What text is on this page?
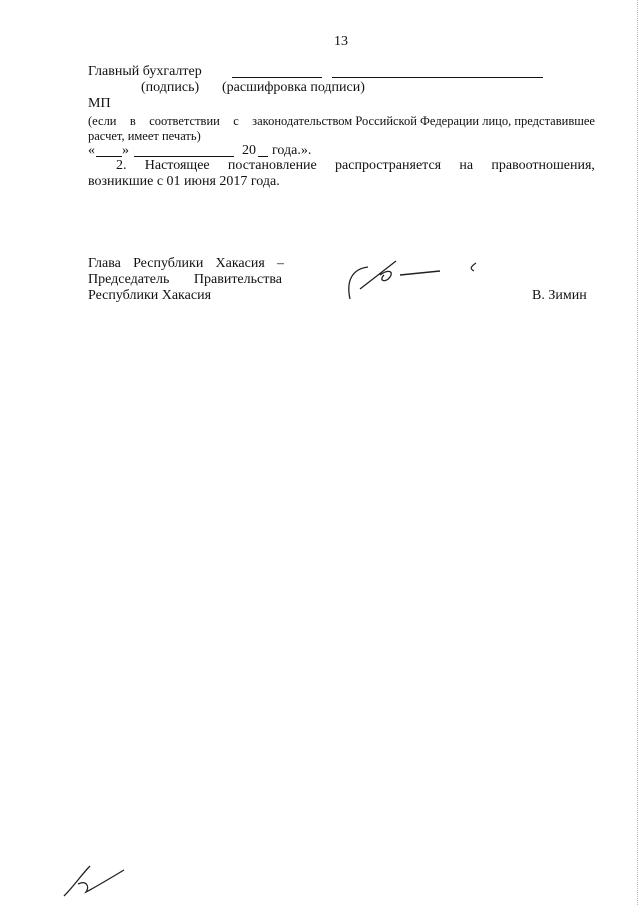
13
Главный бухгалтер
(подпись) (расшифровка подписи)
МП
(если в соответствии с законодательством Российской Федерации лицо, представившее
расчет, имеет печать)
« »	20 года.».
2. Настоящее постановление распространяется на правоотношения,
возникшие с 01 июня 2017 года.
Глава Республики Хакасия –
Председатель Правительства
Республики Хакасия	В. Зимин
